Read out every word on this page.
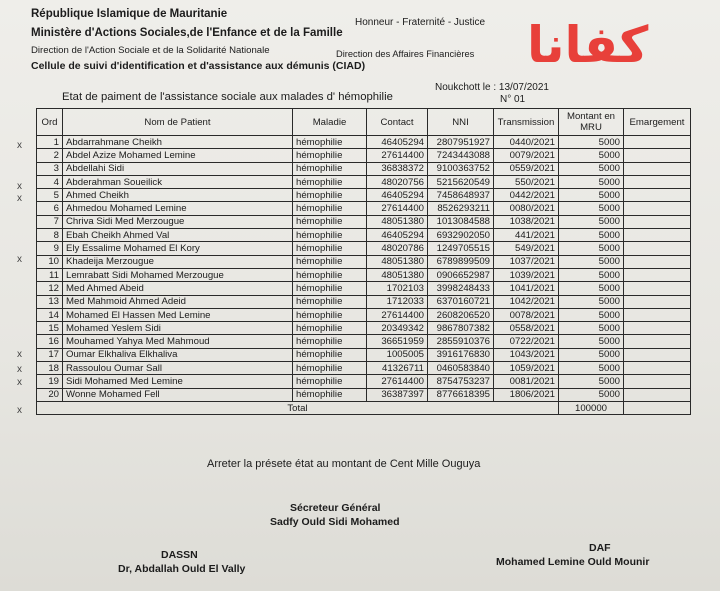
République Islamique de Mauritanie
Honneur - Fraternité - Justice
Ministère d'Actions Sociales,de l'Enfance et de la Famille
Direction de l'Action Sociale et de la Solidarité Nationale	Direction des Affaires Financières
Cellule de suivi d'identification et d'assistance aux démunis (CIAD)	كفانا
Noukchott le : 13/07/2021
Etat de paiment de l'assistance sociale aux malades d' hémophilie	N° 01
Ord	Nom de Patient	Maladie	Contact	NNI	Transmission	Montant en MRU	Emargement
1	Abdarrahmane Cheikh	hémophilie	46405294	2807951927	0440/2021	5000	
2	Abdel Azize Mohamed Lemine	hémophilie	27614400	7243443088	0079/2021	5000	
3	Abdellahi Sidi	hémophilie	36838372	9100363752	0559/2021	5000	
4	Abderahman Soueilick	hémophilie	48020756	5215620549	550/2021	5000	
5	Ahmed Cheikh	hémophilie	46405294	7458648937	0442/2021	5000	
6	Ahmedou Mohamed Lemine	hémophilie	27614400	8526293211	0080/2021	5000	
7	Chriva Sidi Med Merzougue	hémophilie	48051380	1013084588	1038/2021	5000	
8	Ebah Cheikh Ahmed Val	hémophilie	46405294	6932902050	441/2021	5000	
9	Ely Essalime Mohamed El Kory	hémophilie	48020786	1249705515	549/2021	5000	
10	Khadeija Merzougue	hémophilie	48051380	6789899509	1037/2021	5000	
11	Lemrabatt Sidi Mohamed Merzougue	hémophilie	48051380	0906652987	1039/2021	5000	
12	Med Ahmed Abeid	hémophilie	1702103	3998248433	1041/2021	5000	
13	Med Mahmoid Ahmed Adeid	hémophilie	1712033	6370160721	1042/2021	5000	
14	Mohamed El Hassen Med Lemine	hémophilie	27614400	2608206520	0078/2021	5000	
15	Mohamed Yeslem Sidi	hémophilie	20349342	9867807382	0558/2021	5000	
16	Mouhamed Yahya Med Mahmoud	hémophilie	36651959	2855910376	0722/2021	5000	
17	Oumar Elkhaliva Elkhaliva	hémophilie	1005005	3916176830	1043/2021	5000	
18	Rassoulou Oumar Sall	hémophilie	41326711	0460583840	1059/2021	5000	
19	Sidi Mohamed Med Lemine	hémophilie	27614400	8754753237	0081/2021	5000	
20	Wonne Mohamed Fell	hémophilie	36387397	8776618395	1806/2021	5000	
Total						100000	
x
x
x
x
x
x
x
x
Arreter la présete état au montant de Cent Mille Ouguya
Sécreteur Général
Sadfy Ould Sidi Mohamed
DASSN
Dr, Abdallah Ould El Vally
DAF
Mohamed Lemine Ould Mounir
